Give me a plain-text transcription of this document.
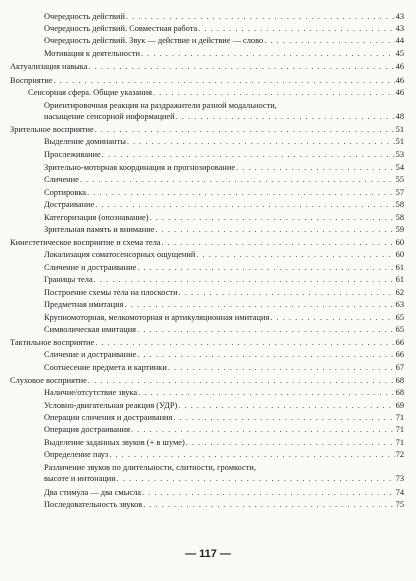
Очередность действий . . .	43
Очередность действий. Совместная работа . . .	43
Очередность действий. Звук — действие и действие — слово . . .	44
Мотивация к деятельности . . .	45
Актуализация навыка . . .	46
Восприятие . . .	46
Сенсорная сфера. Общие указания . . .	46
Ориентировочная реакция на раздражители разной модальности,
насыщение сенсорной информацией . . .	48
Зрительное восприятие . . .	51
Выделение доминанты . . .	51
Прослеживание . . .	53
Зрительно-моторная координация и прогнозирование . . .	54
Сличение . . .	55
Сортировка . . .	57
Достраивание . . .	58
Категоризация (опознавание) . . .	58
Зрительная память и внимание . . .	59
Кинестетическое восприятие и схема тела . . .	60
Локализация соматосенсорных ощущений . . .	60
Сличение и достраивание . . .	61
Границы тела . . .	61
Построение схемы тела на плоскости . . .	62
Предметная имитация . . .	63
Крупномоторная, мелкомоторная и артикуляционная имитация . . .	65
Символическая имитация . . .	65
Тактильное восприятие . . .	66
Сличение и достраивание . . .	66
Соотнесение предмета и картинки . . .	67
Слуховое восприятие . . .	68
Наличие/отсутствие звука . . .	68
Условно-двигательная реакция (УДР) . . .	69
Операции сличения и достраивания . . .	71
Операция достраивания . . .	71
Выделение заданных звуков (+ в шуме) . . .	71
Определение пауз . . .	72
Различение звуков по длительности, слитности, громкости,
высоте и интонации . . .	73
Два стимула — два смысла . . .	74
Последовательность звуков . . .	75
— 117 —
